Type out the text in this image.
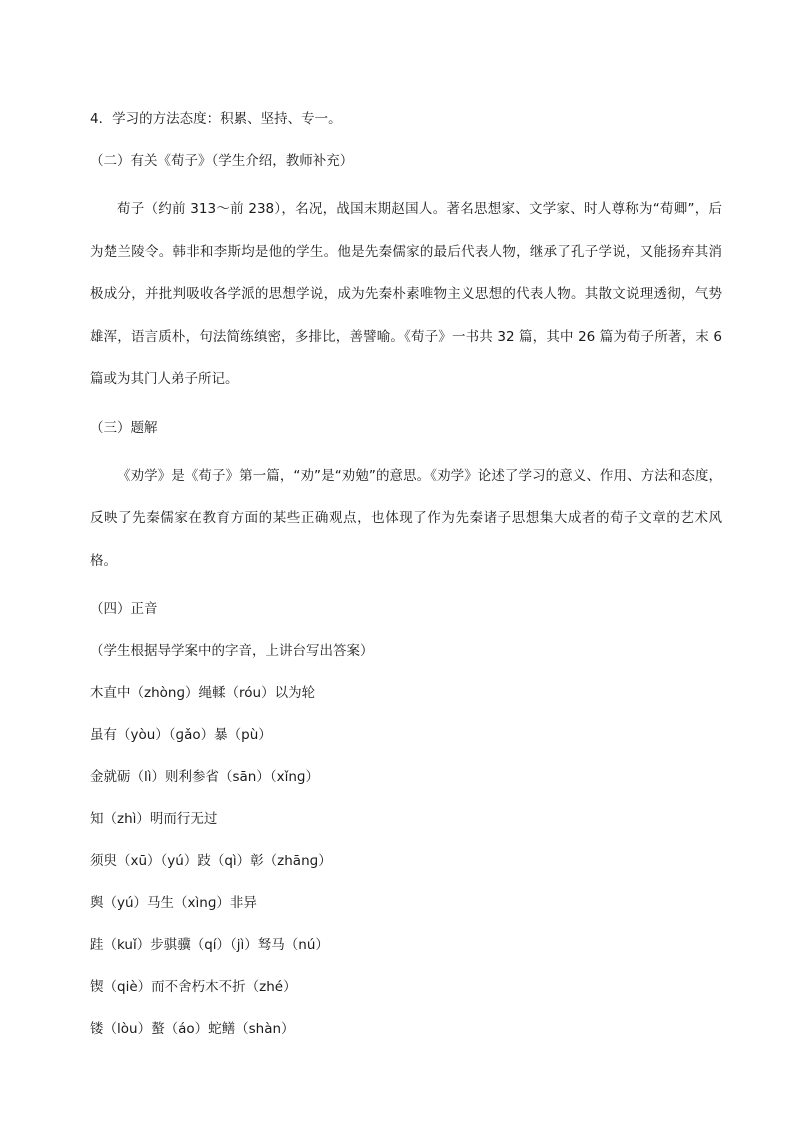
4．学习的方法态度：积累、坚持、专一。
（二）有关《荀子》（学生介绍，教师补充）

荀子（约前 313～前 238），名况，战国末期赵国人。著名思想家、文学家、时人尊称为“荀卿”，后为楚兰陵令。韩非和李斯均是他的学生。他是先秦儒家的最后代表人物，继承了孔子学说，又能扬弃其消极成分，并批判吸收各学派的思想学说，成为先秦朴素唯物主义思想的代表人物。其散文说理透彻，气势雄浑，语言质朴，句法简练缜密，多排比，善譬喻。《荀子》一书共 32 篇，其中 26 篇为荀子所著，末 6 篇或为其门人弟子所记。

（三）题解

《劝学》是《荀子》第一篇，“劝”是“劝勉”的意思。《劝学》论述了学习的意义、作用、方法和态度，反映了先秦儒家在教育方面的某些正确观点，也体现了作为先秦诸子思想集大成者的荀子文章的艺术风格。

（四）正音
（学生根据导学案中的字音，上讲台写出答案）
木直中（zhònɡ）绳輮（róu）以为轮
虽有（yòu）（ɡǎo）暴（pù）
金就砺（lì）则利参省（sān）（xǐnɡ）
知（zhì）明而行无过
须臾（xū）（yú）跂（qì）彰（zhānɡ）
舆（yú）马生（xìnɡ）非异
跬（kuǐ）步骐骥（qí）（jì）驽马（nú）
锲（qiè）而不舍朽木不折（zhé）
镂（lòu）螯（áo）蛇鳝（shàn）
